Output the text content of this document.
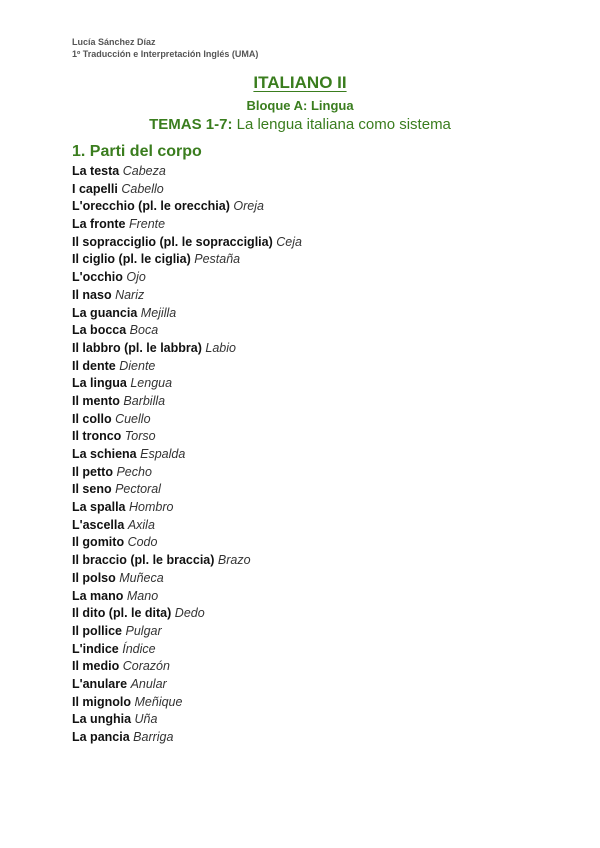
Lucía Sánchez Díaz
1º Traducción e Interpretación Inglés (UMA)
ITALIANO II
Bloque A: Lingua
TEMAS 1-7: La lengua italiana como sistema
1. Parti del corpo
La testa Cabeza
I capelli Cabello
L'orecchio (pl. le orecchia) Oreja
La fronte Frente
Il sopracciglio (pl. le sopracciglia) Ceja
Il ciglio (pl. le ciglia) Pestaña
L'occhio Ojo
Il naso Nariz
La guancia Mejilla
La bocca Boca
Il labbro (pl. le labbra) Labio
Il dente Diente
La lingua Lengua
Il mento Barbilla
Il collo Cuello
Il tronco Torso
La schiena Espalda
Il petto Pecho
Il seno Pectoral
La spalla Hombro
L'ascella Axila
Il gomito Codo
Il braccio (pl. le braccia) Brazo
Il polso Muñeca
La mano Mano
Il dito (pl. le dita) Dedo
Il pollice Pulgar
L'indice Índice
Il medio Corazón
L'anulare Anular
Il mignolo Meñique
La unghia Uña
La pancia Barriga
